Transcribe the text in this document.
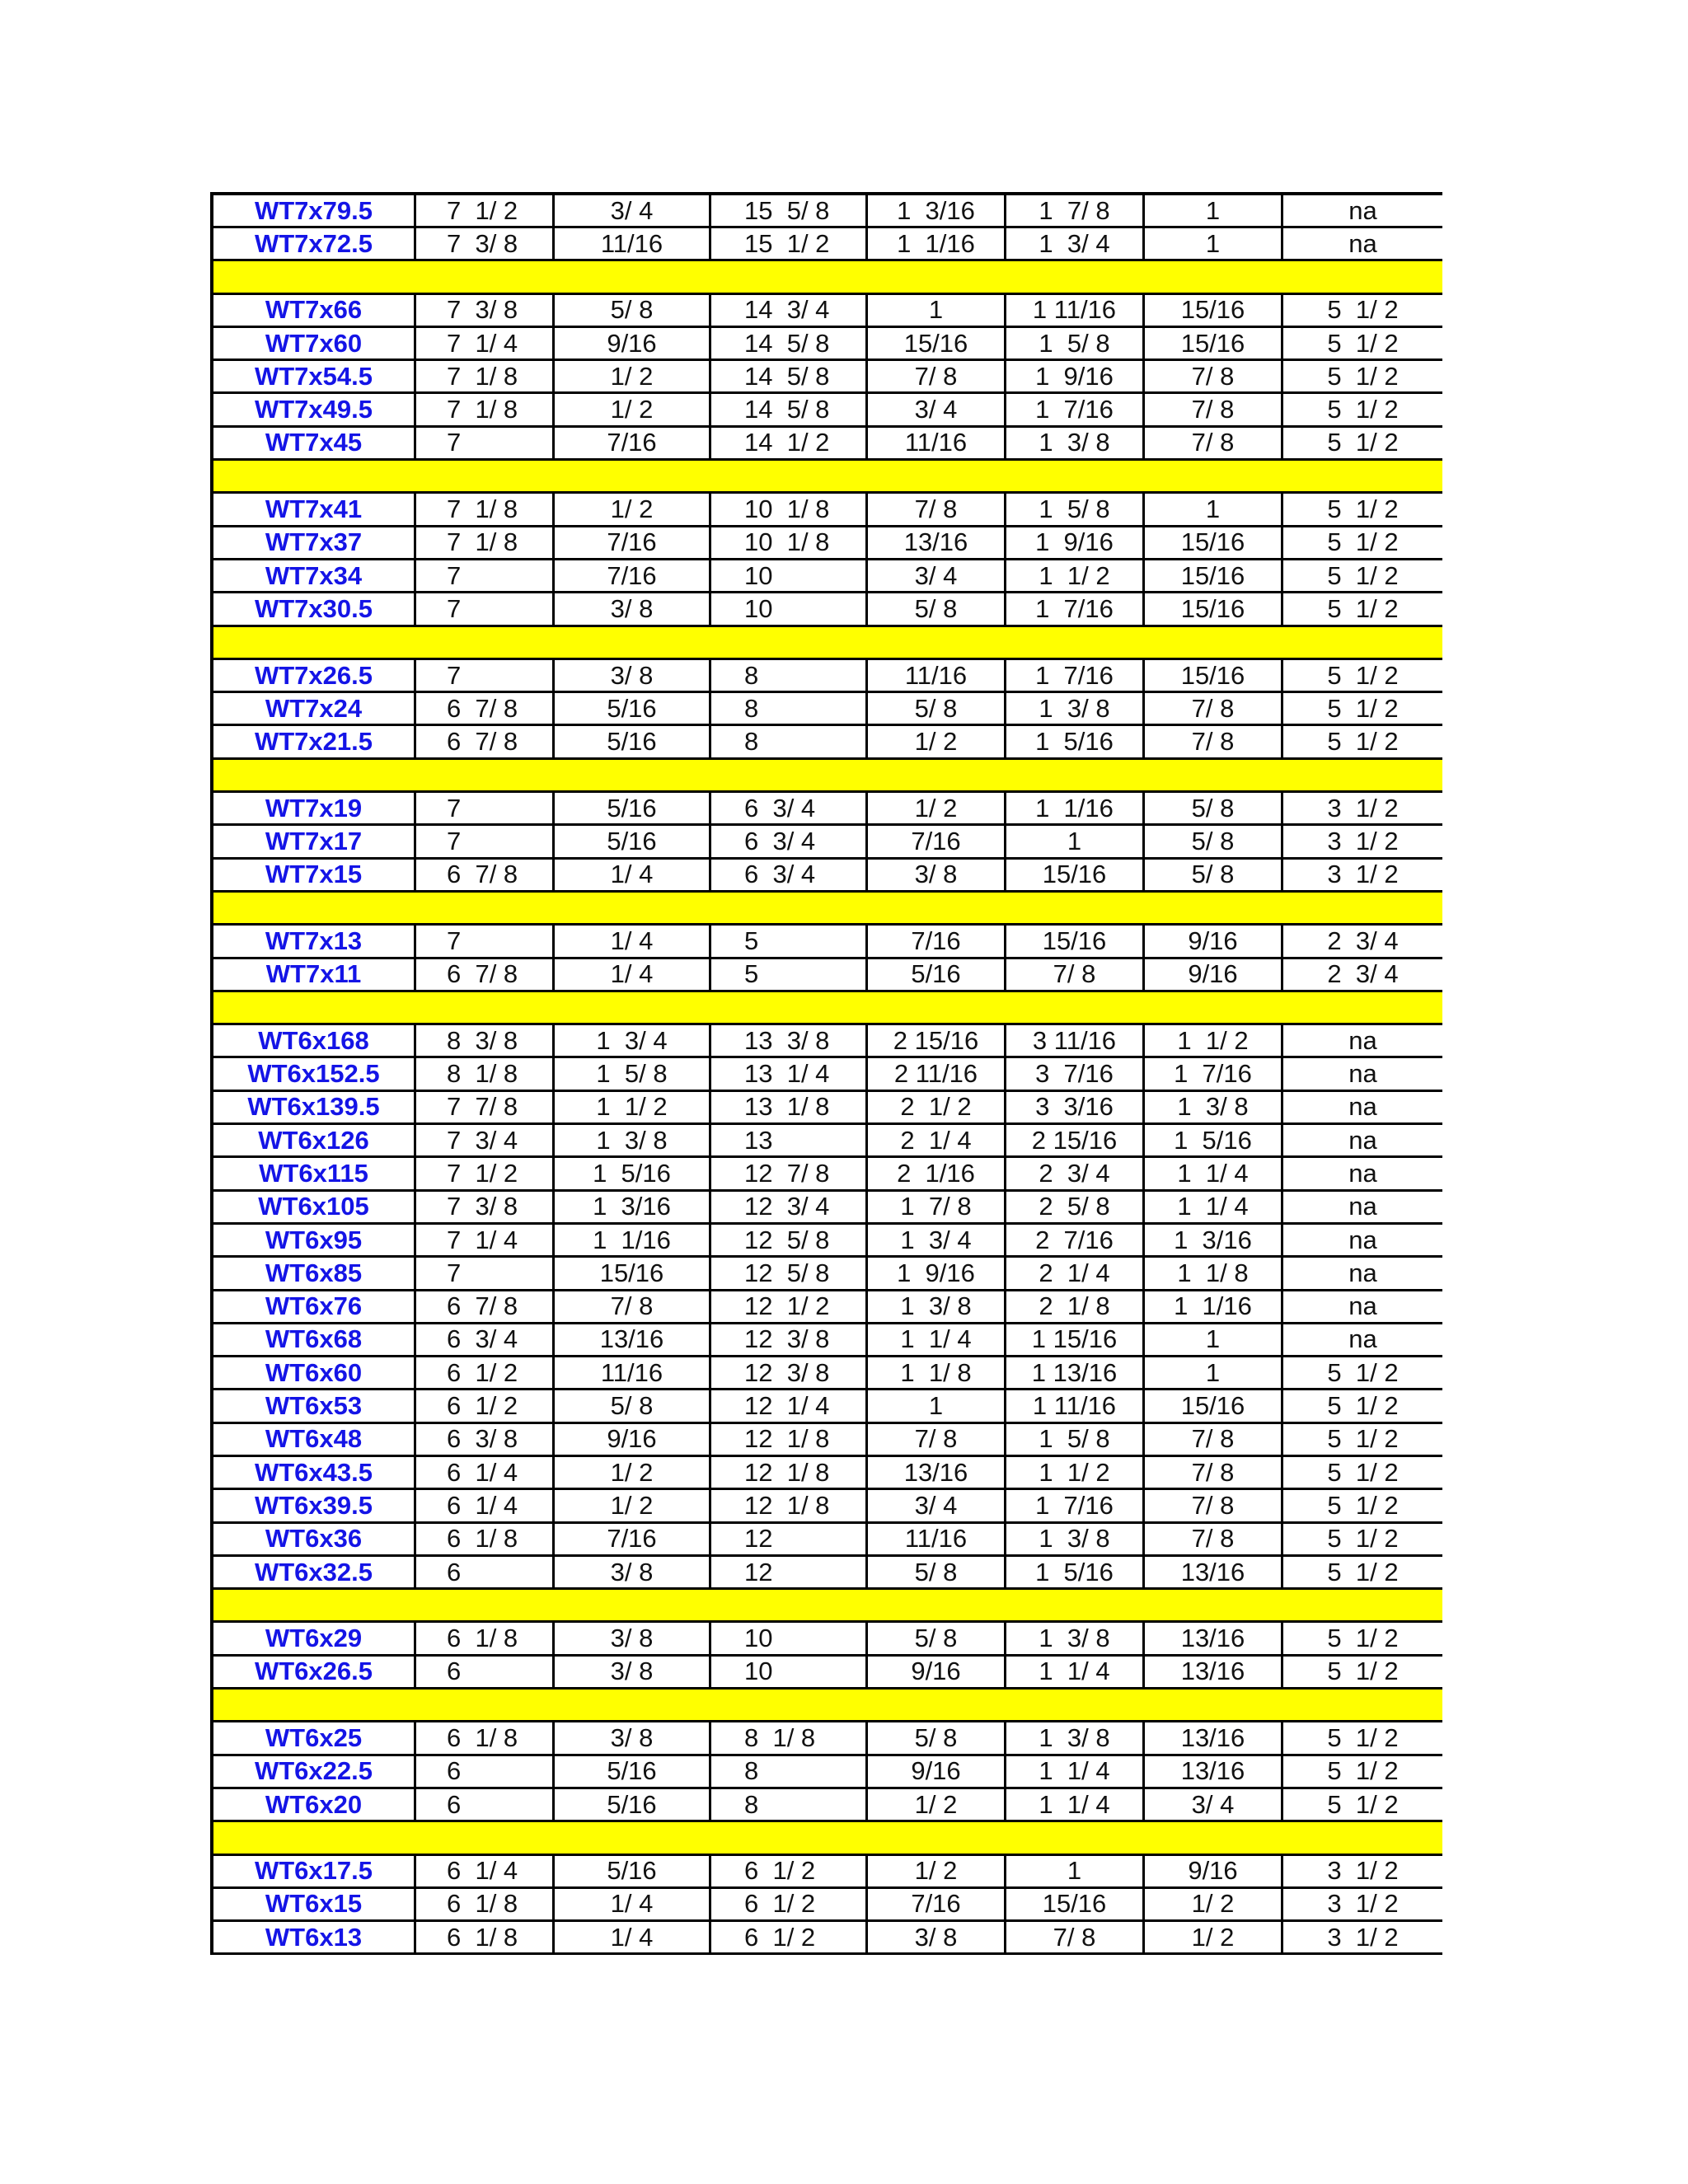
WT7x79.5	7  1/ 2	3/ 4	15  5/ 8	1  3/16	1  7/ 8	1	na
WT7x72.5	7  3/ 8	11/16	15  1/ 2	1  1/16	1  3/ 4	1	na
WT7x66	7  3/ 8	5/ 8	14  3/ 4	1	1 11/16	15/16	5  1/ 2
WT7x60	7  1/ 4	9/16	14  5/ 8	15/16	1  5/ 8	15/16	5  1/ 2
WT7x54.5	7  1/ 8	1/ 2	14  5/ 8	7/ 8	1  9/16	7/ 8	5  1/ 2
WT7x49.5	7  1/ 8	1/ 2	14  5/ 8	3/ 4	1  7/16	7/ 8	5  1/ 2
WT7x45	7	7/16	14  1/ 2	11/16	1  3/ 8	7/ 8	5  1/ 2
WT7x41	7  1/ 8	1/ 2	10  1/ 8	7/ 8	1  5/ 8	1	5  1/ 2
WT7x37	7  1/ 8	7/16	10  1/ 8	13/16	1  9/16	15/16	5  1/ 2
WT7x34	7	7/16	10	3/ 4	1  1/ 2	15/16	5  1/ 2
WT7x30.5	7	3/ 8	10	5/ 8	1  7/16	15/16	5  1/ 2
WT7x26.5	7	3/ 8	8	11/16	1  7/16	15/16	5  1/ 2
WT7x24	6  7/ 8	5/16	8	5/ 8	1  3/ 8	7/ 8	5  1/ 2
WT7x21.5	6  7/ 8	5/16	8	1/ 2	1  5/16	7/ 8	5  1/ 2
WT7x19	7	5/16	6  3/ 4	1/ 2	1  1/16	5/ 8	3  1/ 2
WT7x17	7	5/16	6  3/ 4	7/16	1	5/ 8	3  1/ 2
WT7x15	6  7/ 8	1/ 4	6  3/ 4	3/ 8	15/16	5/ 8	3  1/ 2
WT7x13	7	1/ 4	5	7/16	15/16	9/16	2  3/ 4
WT7x11	6  7/ 8	1/ 4	5	5/16	7/ 8	9/16	2  3/ 4
WT6x168	8  3/ 8	1  3/ 4	13  3/ 8	2 15/16	3 11/16	1  1/ 2	na
WT6x152.5	8  1/ 8	1  5/ 8	13  1/ 4	2 11/16	3  7/16	1  7/16	na
WT6x139.5	7  7/ 8	1  1/ 2	13  1/ 8	2  1/ 2	3  3/16	1  3/ 8	na
WT6x126	7  3/ 4	1  3/ 8	13	2  1/ 4	2 15/16	1  5/16	na
WT6x115	7  1/ 2	1  5/16	12  7/ 8	2  1/16	2  3/ 4	1  1/ 4	na
WT6x105	7  3/ 8	1  3/16	12  3/ 4	1  7/ 8	2  5/ 8	1  1/ 4	na
WT6x95	7  1/ 4	1  1/16	12  5/ 8	1  3/ 4	2  7/16	1  3/16	na
WT6x85	7	15/16	12  5/ 8	1  9/16	2  1/ 4	1  1/ 8	na
WT6x76	6  7/ 8	7/ 8	12  1/ 2	1  3/ 8	2  1/ 8	1  1/16	na
WT6x68	6  3/ 4	13/16	12  3/ 8	1  1/ 4	1 15/16	1	na
WT6x60	6  1/ 2	11/16	12  3/ 8	1  1/ 8	1 13/16	1	5  1/ 2
WT6x53	6  1/ 2	5/ 8	12  1/ 4	1	1 11/16	15/16	5  1/ 2
WT6x48	6  3/ 8	9/16	12  1/ 8	7/ 8	1  5/ 8	7/ 8	5  1/ 2
WT6x43.5	6  1/ 4	1/ 2	12  1/ 8	13/16	1  1/ 2	7/ 8	5  1/ 2
WT6x39.5	6  1/ 4	1/ 2	12  1/ 8	3/ 4	1  7/16	7/ 8	5  1/ 2
WT6x36	6  1/ 8	7/16	12	11/16	1  3/ 8	7/ 8	5  1/ 2
WT6x32.5	6	3/ 8	12	5/ 8	1  5/16	13/16	5  1/ 2
WT6x29	6  1/ 8	3/ 8	10	5/ 8	1  3/ 8	13/16	5  1/ 2
WT6x26.5	6	3/ 8	10	9/16	1  1/ 4	13/16	5  1/ 2
WT6x25	6  1/ 8	3/ 8	8  1/ 8	5/ 8	1  3/ 8	13/16	5  1/ 2
WT6x22.5	6	5/16	8	9/16	1  1/ 4	13/16	5  1/ 2
WT6x20	6	5/16	8	1/ 2	1  1/ 4	3/ 4	5  1/ 2
WT6x17.5	6  1/ 4	5/16	6  1/ 2	1/ 2	1	9/16	3  1/ 2
WT6x15	6  1/ 8	1/ 4	6  1/ 2	7/16	15/16	1/ 2	3  1/ 2
WT6x13	6  1/ 8	1/ 4	6  1/ 2	3/ 8	7/ 8	1/ 2	3  1/ 2
